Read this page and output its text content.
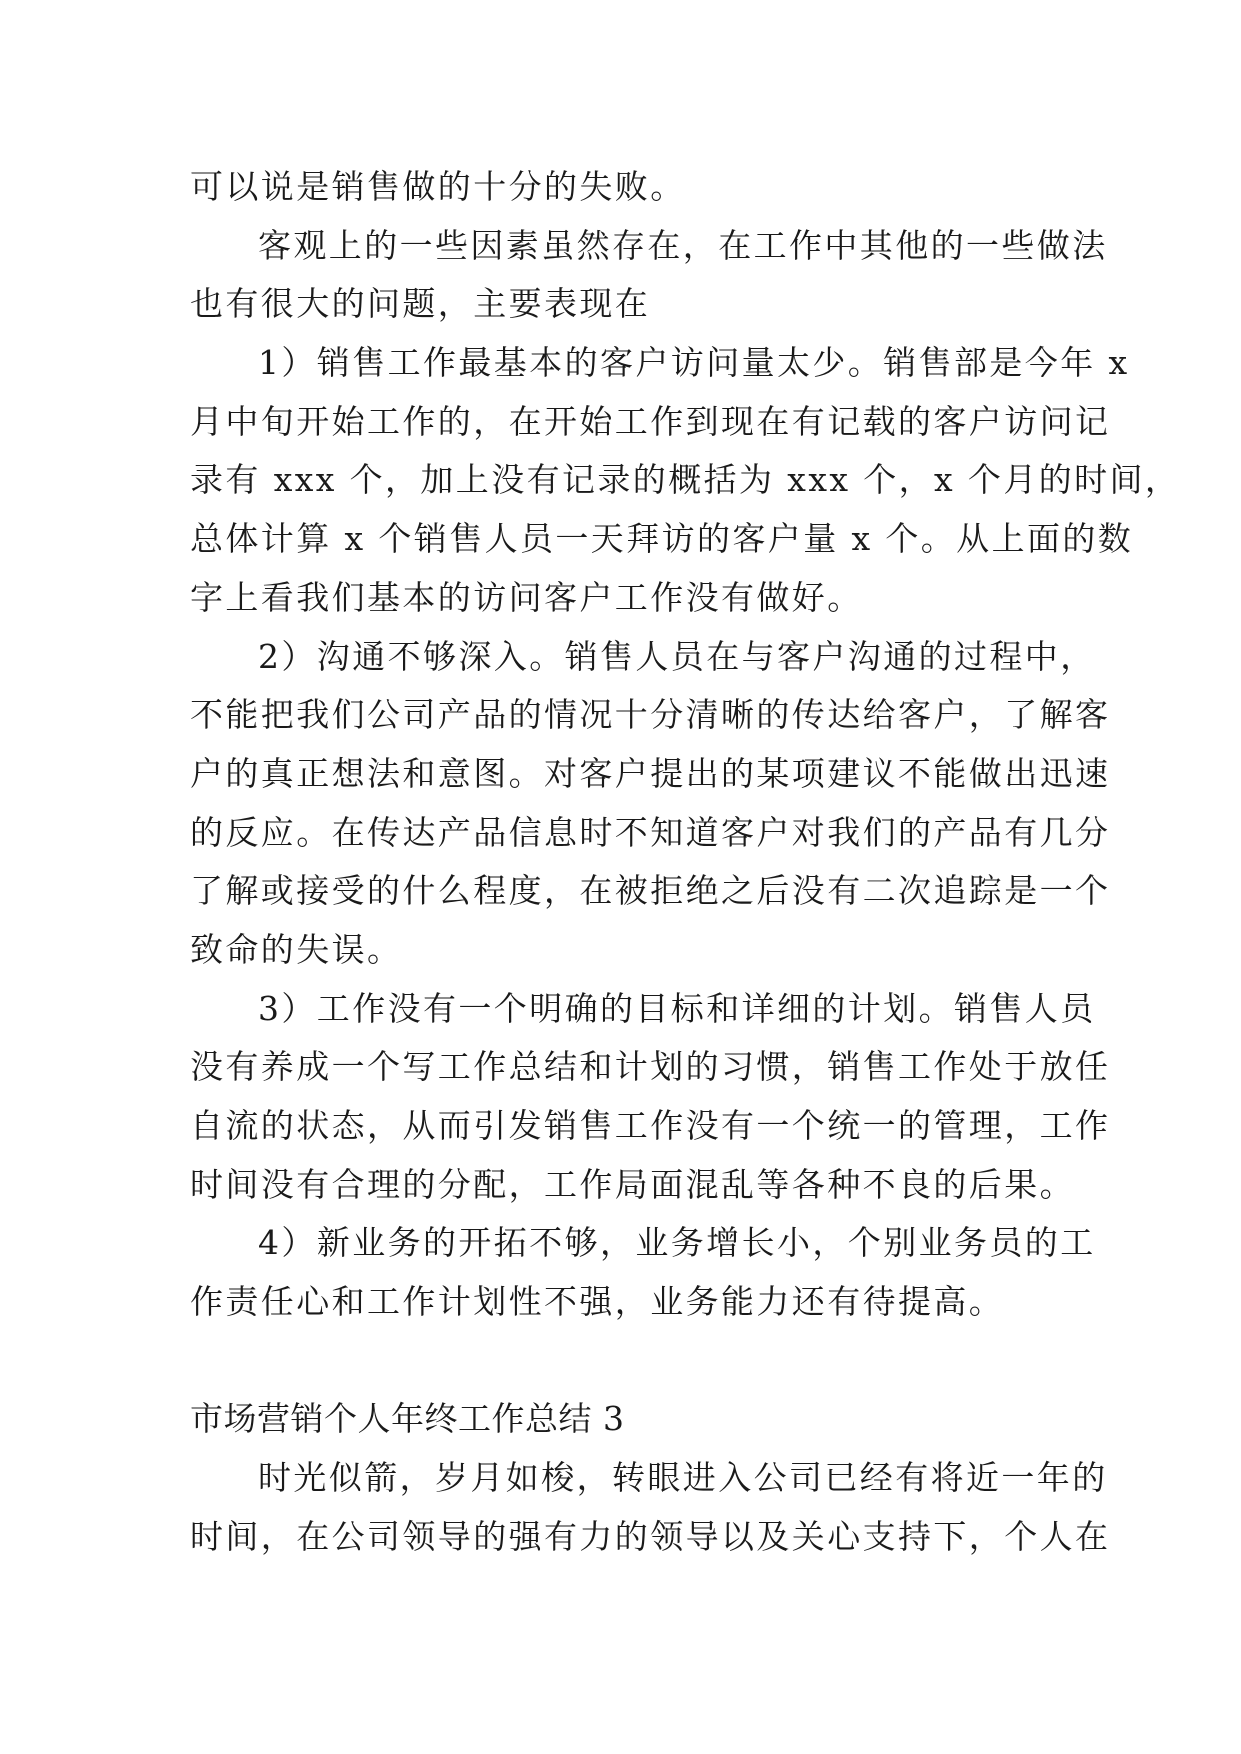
可以说是销售做的十分的失败。

客观上的一些因素虽然存在，在工作中其他的一些做法

也有很大的问题，主要表现在

1）销售工作最基本的客户访问量太少。销售部是今年 x

月中旬开始工作的，在开始工作到现在有记载的客户访问记

录有 xxx 个，加上没有记录的概括为 xxx 个，x 个月的时间，

总体计算 x 个销售人员一天拜访的客户量 x 个。从上面的数

字上看我们基本的访问客户工作没有做好。

2）沟通不够深入。销售人员在与客户沟通的过程中，

不能把我们公司产品的情况十分清晰的传达给客户，了解客

户的真正想法和意图。对客户提出的某项建议不能做出迅速

的反应。在传达产品信息时不知道客户对我们的产品有几分

了解或接受的什么程度，在被拒绝之后没有二次追踪是一个

致命的失误。

3）工作没有一个明确的目标和详细的计划。销售人员

没有养成一个写工作总结和计划的习惯，销售工作处于放任

自流的状态，从而引发销售工作没有一个统一的管理，工作

时间没有合理的分配，工作局面混乱等各种不良的后果。

4）新业务的开拓不够，业务增长小，个别业务员的工

作责任心和工作计划性不强，业务能力还有待提高。

市场营销个人年终工作总结 3

时光似箭，岁月如梭，转眼进入公司已经有将近一年的

时间，在公司领导的强有力的领导以及关心支持下，个人在
